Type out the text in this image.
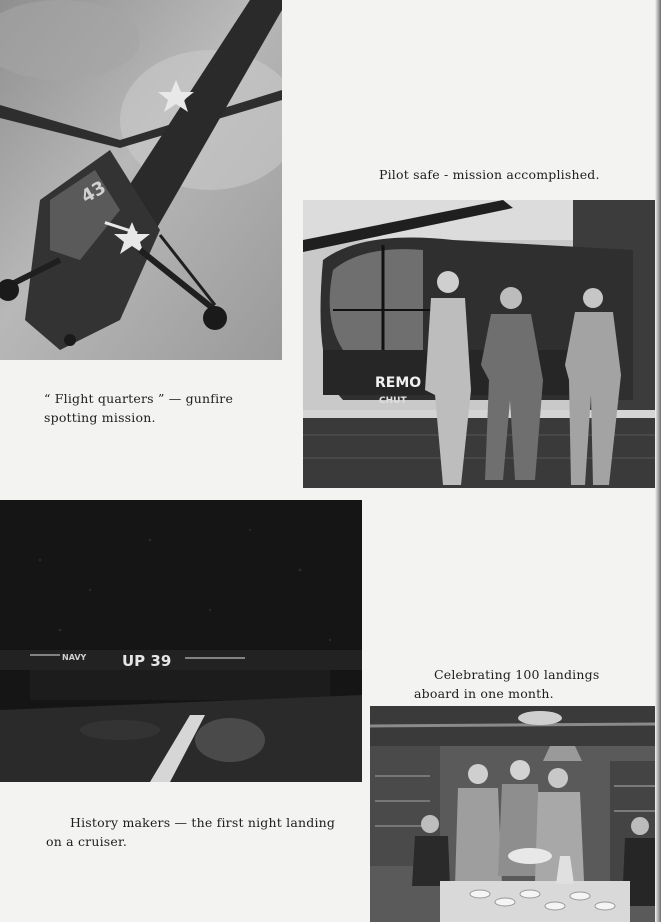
43

Pilot safe - mission accomplished.

REMO
CHUT

“ Flight quarters ” — gunfire spotting mission.

NAVY UP 39

Celebrating 100 landings aboard in one month.

History makers — the first night landing on a cruiser.
